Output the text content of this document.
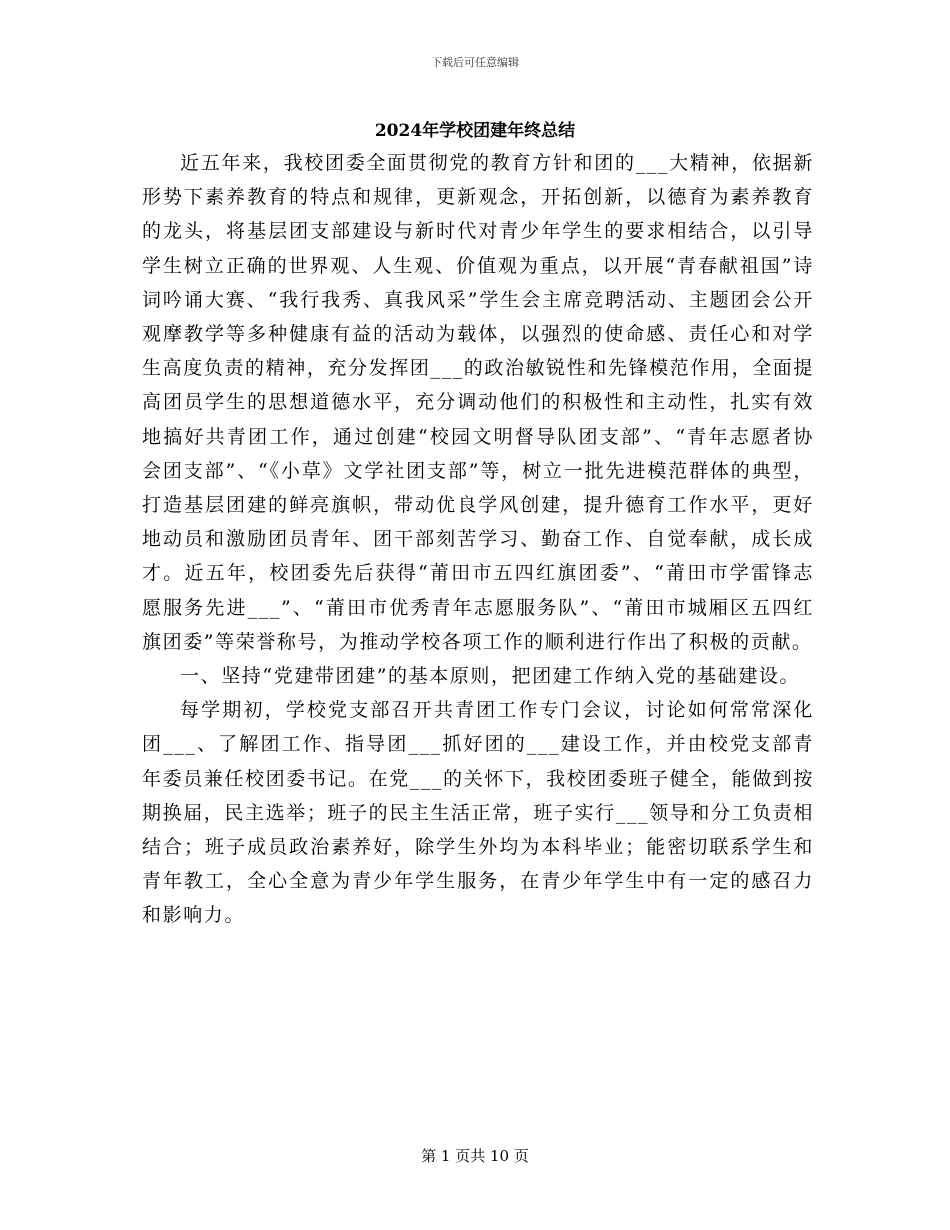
下载后可任意编辑
2024年学校团建年终总结

近五年来，我校团委全面贯彻党的教育方针和团的___大精神，依据新形势下素养教育的特点和规律，更新观念，开拓创新，以德育为素养教育的龙头，将基层团支部建设与新时代对青少年学生的要求相结合，以引导学生树立正确的世界观、人生观、价值观为重点，以开展“青春献祖国”诗词吟诵大赛、“我行我秀、真我风采”学生会主席竞聘活动、主题团会公开观摩教学等多种健康有益的活动为载体，以强烈的使命感、责任心和对学生高度负责的精神，充分发挥团___的政治敏锐性和先锋模范作用，全面提高团员学生的思想道德水平，充分调动他们的积极性和主动性，扎实有效地搞好共青团工作，通过创建“校园文明督导队团支部”、“青年志愿者协会团支部”、“《小草》文学社团支部”等，树立一批先进模范群体的典型，打造基层团建的鲜亮旗帜，带动优良学风创建，提升德育工作水平，更好地动员和激励团员青年、团干部刻苦学习、勤奋工作、自觉奉献，成长成才。近五年，校团委先后获得“莆田市五四红旗团委”、“莆田市学雷锋志愿服务先进___”、“莆田市优秀青年志愿服务队”、“莆田市城厢区五四红旗团委”等荣誉称号，为推动学校各项工作的顺利进行作出了积极的贡献。

一、坚持“党建带团建”的基本原则，把团建工作纳入党的基础建设。

每学期初，学校党支部召开共青团工作专门会议，讨论如何常常深化团___、了解团工作、指导团___抓好团的___建设工作，并由校党支部青年委员兼任校团委书记。在党___的关怀下，我校团委班子健全，能做到按期换届，民主选举；班子的民主生活正常，班子实行___领导和分工负责相结合；班子成员政治素养好，除学生外均为本科毕业；能密切联系学生和青年教工，全心全意为青少年学生服务，在青少年学生中有一定的感召力和影响力。

第 1 页共 10 页
